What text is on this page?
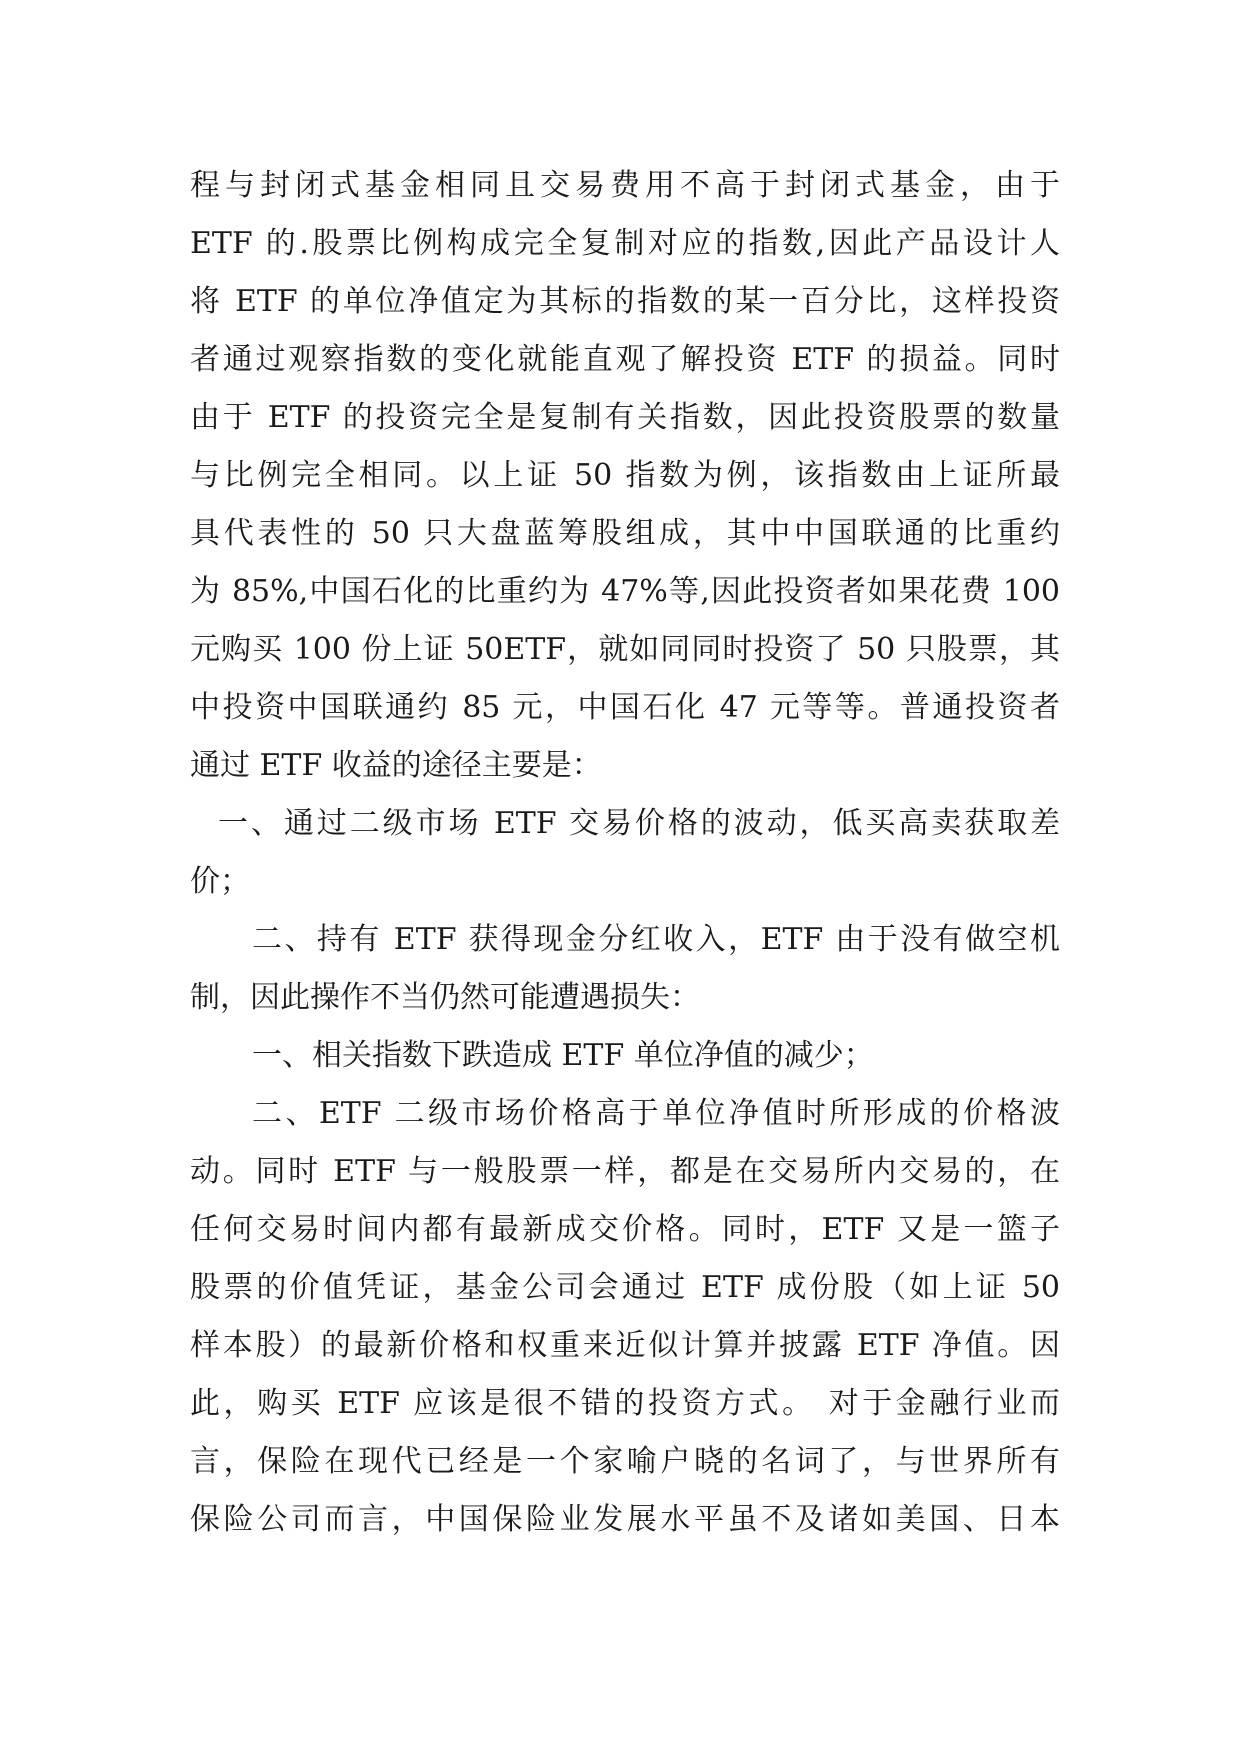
程与封闭式基金相同且交易费用不高于封闭式基金，由于
ETF 的.股票比例构成完全复制对应的指数,因此产品设计人
将 ETF 的单位净值定为其标的指数的某一百分比，这样投资
者通过观察指数的变化就能直观了解投资 ETF 的损益。同时
由于 ETF 的投资完全是复制有关指数，因此投资股票的数量
与比例完全相同。以上证 50 指数为例，该指数由上证所最
具代表性的 50 只大盘蓝筹股组成，其中中国联通的比重约
为 85%,中国石化的比重约为 47%等,因此投资者如果花费 100
元购买 100 份上证 50ETF，就如同同时投资了 50 只股票，其
中投资中国联通约 85 元，中国石化 47 元等等。普通投资者
通过 ETF 收益的途径主要是：
一、通过二级市场 ETF 交易价格的波动，低买高卖获取差
价；
二、持有 ETF 获得现金分红收入，ETF 由于没有做空机
制，因此操作不当仍然可能遭遇损失：
一、相关指数下跌造成 ETF 单位净值的减少；
二、ETF 二级市场价格高于单位净值时所形成的价格波
动。同时 ETF 与一般股票一样，都是在交易所内交易的，在
任何交易时间内都有最新成交价格。同时，ETF 又是一篮子
股票的价值凭证，基金公司会通过 ETF 成份股（如上证 50
样本股）的最新价格和权重来近似计算并披露 ETF 净值。因
此，购买 ETF 应该是很不错的投资方式。 对于金融行业而
言，保险在现代已经是一个家喻户晓的名词了，与世界所有
保险公司而言，中国保险业发展水平虽不及诸如美国、日本
